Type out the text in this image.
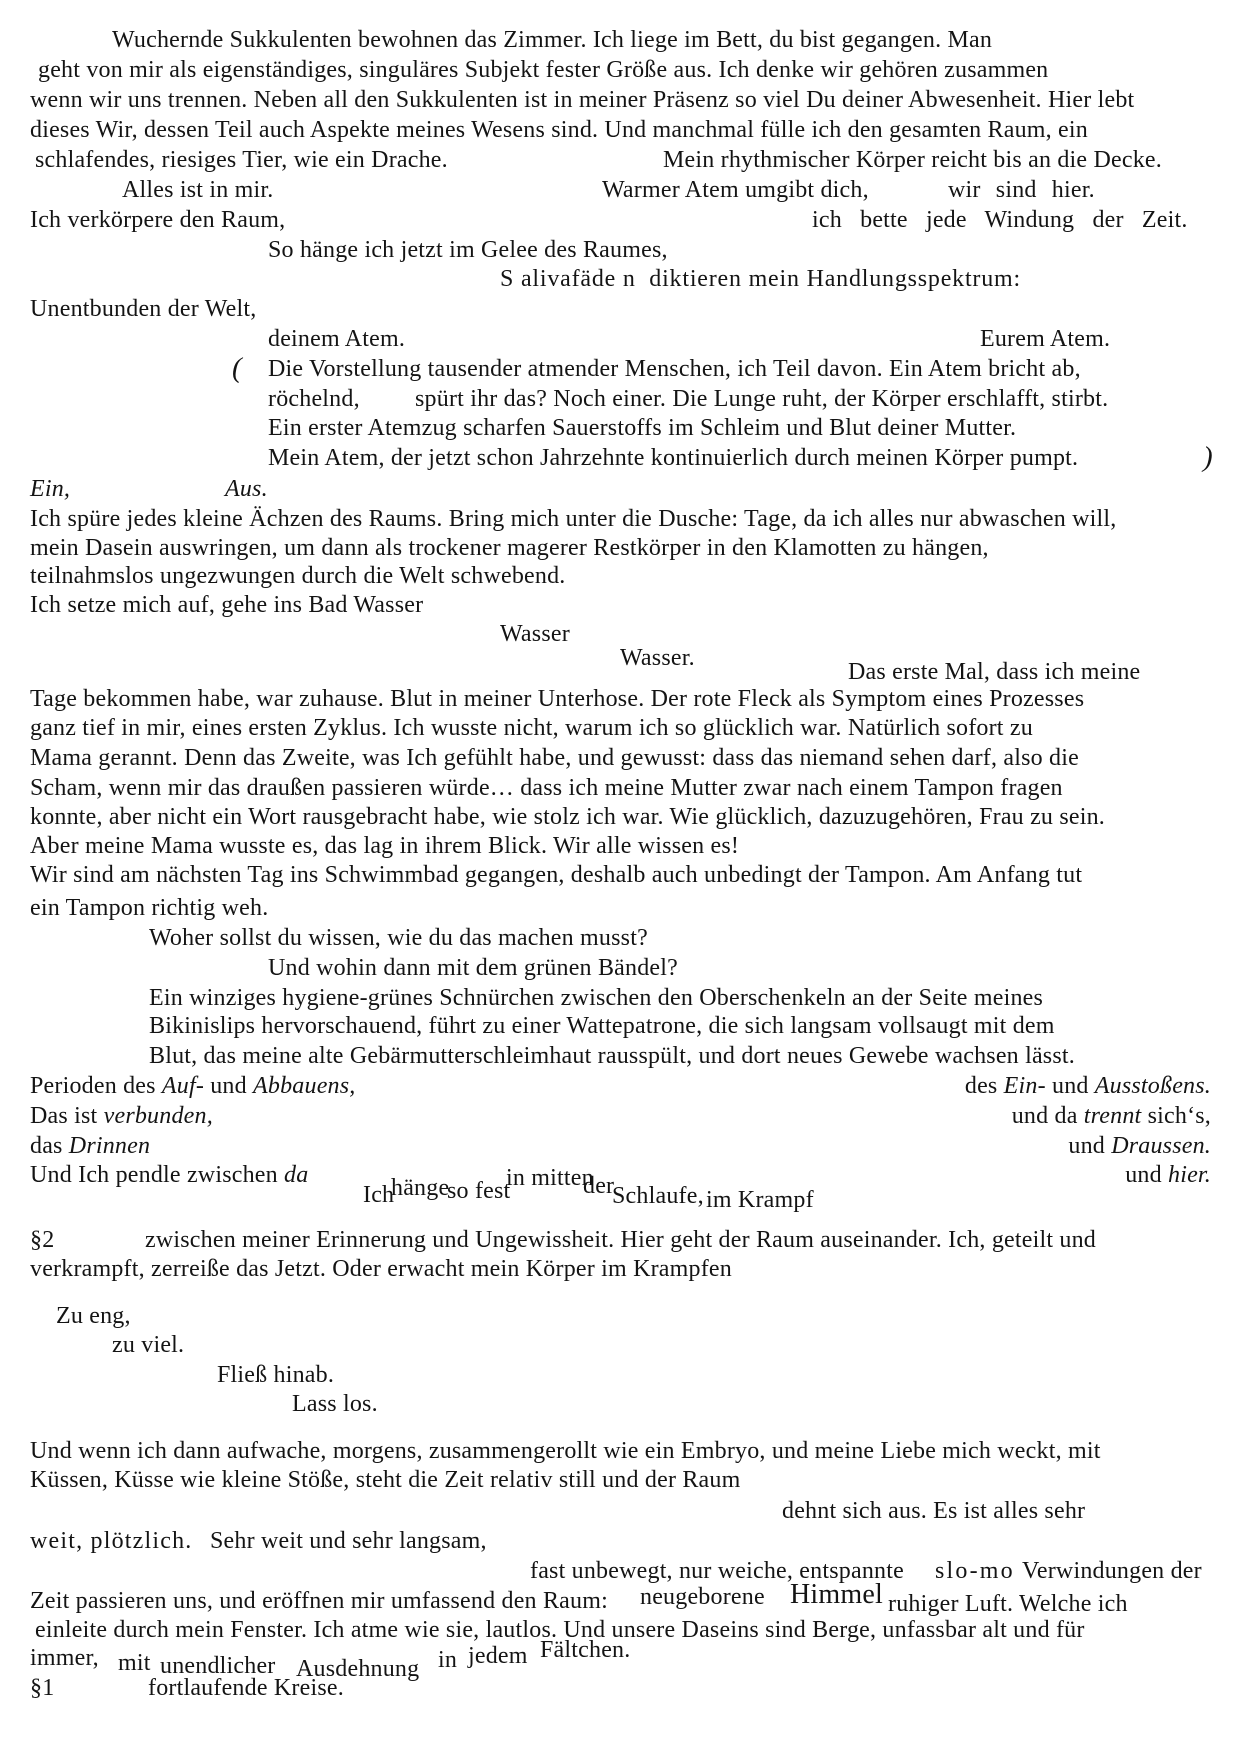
Wuchernde Sukkulenten bewohnen das Zimmer. Ich liege im Bett, du bist gegangen. Man
geht von mir als eigenständiges, singuläres Subjekt fester Größe aus. Ich denke wir gehören zusammen
wenn wir uns trennen. Neben all den Sukkulenten ist in meiner Präsenz so viel Du deiner Abwesenheit. Hier lebt
dieses Wir, dessen Teil auch Aspekte meines Wesens sind. Und manchmal fülle ich den gesamten Raum, ein
schlafendes, riesiges Tier, wie ein Drache.	Mein rhythmischer Körper reicht bis an die Decke.
Alles ist in mir.	Warmer Atem umgibt dich,	wir sind hier.
Ich verkörpere den Raum,	ich bette jede Windung der Zeit.
So hänge ich jetzt im Gelee des Raumes,
S alivafäde n  diktieren mein Handlungsspektrum:
Unentbunden der Welt,
deinem Atem.	Eurem Atem.
( Die Vorstellung tausender atmender Menschen, ich Teil davon. Ein Atem bricht ab,
röchelnd, spürt ihr das? Noch einer. Die Lunge ruht, der Körper erschlafft, stirbt.
Ein erster Atemzug scharfen Sauerstoffs im Schleim und Blut deiner Mutter.
Mein Atem, der jetzt schon Jahrzehnte kontinuierlich durch meinen Körper pumpt.	)
Ein,	Aus.
Ich spüre jedes kleine Ächzen des Raums. Bring mich unter die Dusche: Tage, da ich alles nur abwaschen will,
mein Dasein auswringen, um dann als trockener magerer Restkörper in den Klamotten zu hängen,
teilnahmslos ungezwungen durch die Welt schwebend.
Ich setze mich auf, gehe ins Bad Wasser
Wasser
Wasser.
Das erste Mal, dass ich meine
Tage bekommen habe, war zuhause. Blut in meiner Unterhose. Der rote Fleck als Symptom eines Prozesses
ganz tief in mir, eines ersten Zyklus. Ich wusste nicht, warum ich so glücklich war. Natürlich sofort zu
Mama gerannt. Denn das Zweite, was Ich gefühlt habe, und gewusst: dass das niemand sehen darf, also die
Scham, wenn mir das draußen passieren würde… dass ich meine Mutter zwar nach einem Tampon fragen
konnte, aber nicht ein Wort rausgebracht habe, wie stolz ich war. Wie glücklich, dazuzugehören, Frau zu sein.
Aber meine Mama wusste es, das lag in ihrem Blick. Wir alle wissen es!
Wir sind am nächsten Tag ins Schwimmbad gegangen, deshalb auch unbedingt der Tampon. Am Anfang tut
ein Tampon richtig weh.
Woher sollst du wissen, wie du das machen musst?
Und wohin dann mit dem grünen Bändel?
Ein winziges hygiene-grünes Schnürchen zwischen den Oberschenkeln an der Seite meines
Bikinislips hervorschauend, führt zu einer Wattepatrone, die sich langsam vollsaugt mit dem
Blut, das meine alte Gebärmutterschleimhaut rausspült, und dort neues Gewebe wachsen lässt.
Perioden des Auf- und Abbauens,	des Ein- und Ausstoßens.
Das ist verbunden,	und da trennt sich‘s,
das Drinnen	und Draussen.
Und Ich pendle zwischen da	und hier.
Ich
hänge
so fest
in mitten
der
Schlaufe, im Krampf
§2	zwischen meiner Erinnerung und Ungewissheit. Hier geht der Raum auseinander. Ich, geteilt und
verkrampft, zerreiße das Jetzt. Oder erwacht mein Körper im Krampfen
Zu eng,
zu viel.
Fließ hinab.
Lass los.
Und wenn ich dann aufwache, morgens, zusammengerollt wie ein Embryo, und meine Liebe mich weckt, mit
Küssen, Küsse wie kleine Stöße, steht die Zeit relativ still und der Raum
dehnt sich aus. Es ist alles sehr
weit, plötzlich. Sehr weit und sehr langsam,
fast unbewegt, nur weiche, entspannte slo-mo Verwindungen der
Zeit passieren uns, und eröffnen mir umfassend den Raum: neugeborene Himmel ruhiger Luft. Welche ich
einleite durch mein Fenster. Ich atme wie sie, lautlos. Und unsere Daseins sind Berge, unfassbar alt und für
immer, mit unendlicher Ausdehnung in jedem Fältchen.
§1	fortlaufende Kreise.
